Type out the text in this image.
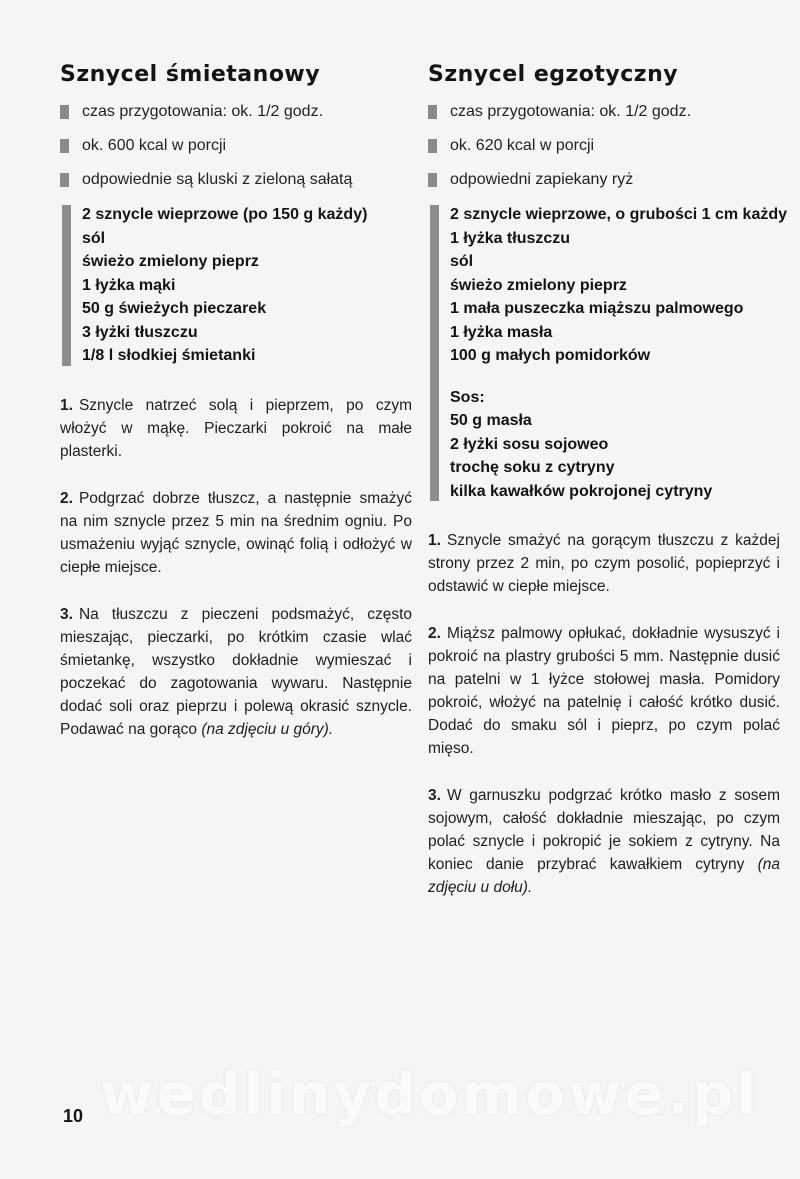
Sznycel śmietanowy
czas przygotowania: ok. 1/2 godz.
ok. 600 kcal w porcji
odpowiednie są kluski z zieloną sałatą
2 sznycle wieprzowe (po 150 g każdy)
sól
świeżo zmielony pieprz
1 łyżka mąki
50 g świeżych pieczarek
3 łyżki tłuszczu
1/8 l słodkiej śmietanki

1. Sznycle natrzeć solą i pieprzem, po czym włożyć w mąkę. Pieczarki pokroić na małe plasterki.

2. Podgrzać dobrze tłuszcz, a następnie smażyć na nim sznycle przez 5 min na średnim ogniu. Po usmażeniu wyjąć sznycle, owinąć folią i odłożyć w ciepłe miejsce.

3. Na tłuszczu z pieczeni podsmażyć, często mieszając, pieczarki, po krótkim czasie wlać śmietankę, wszystko dokładnie wymieszać i poczekać do zagotowania wywaru. Następnie dodać soli oraz pieprzu i polewą okrasić sznycle. Podawać na gorąco (na zdjęciu u góry).

Sznycel egzotyczny
czas przygotowania: ok. 1/2 godz.
ok. 620 kcal w porcji
odpowiedni zapiekany ryż
2 sznycle wieprzowe, o grubości 1 cm każdy
1 łyżka tłuszczu
sól
świeżo zmielony pieprz
1 mała puszeczka miąższu palmowego
1 łyżka masła
100 g małych pomidorków
Sos:
50 g masła
2 łyżki sosu sojoweo
trochę soku z cytryny
kilka kawałków pokrojonej cytryny

1. Sznycle smażyć na gorącym tłuszczu z każdej strony przez 2 min, po czym posolić, popieprzyć i odstawić w ciepłe miejsce.

2. Miąższ palmowy opłukać, dokładnie wysuszyć i pokroić na plastry grubości 5 mm. Następnie dusić na patelni w 1 łyżce stołowej masła. Pomidory pokroić, włożyć na patelnię i całość krótko dusić. Dodać do smaku sól i pieprz, po czym polać mięso.

3. W garnuszku podgrzać krótko masło z sosem sojowym, całość dokładnie mieszając, po czym polać sznycle i pokropić je sokiem z cytryny. Na koniec danie przybrać kawałkiem cytryny (na zdjęciu u dołu).

wedlinydomowe.pl
10
